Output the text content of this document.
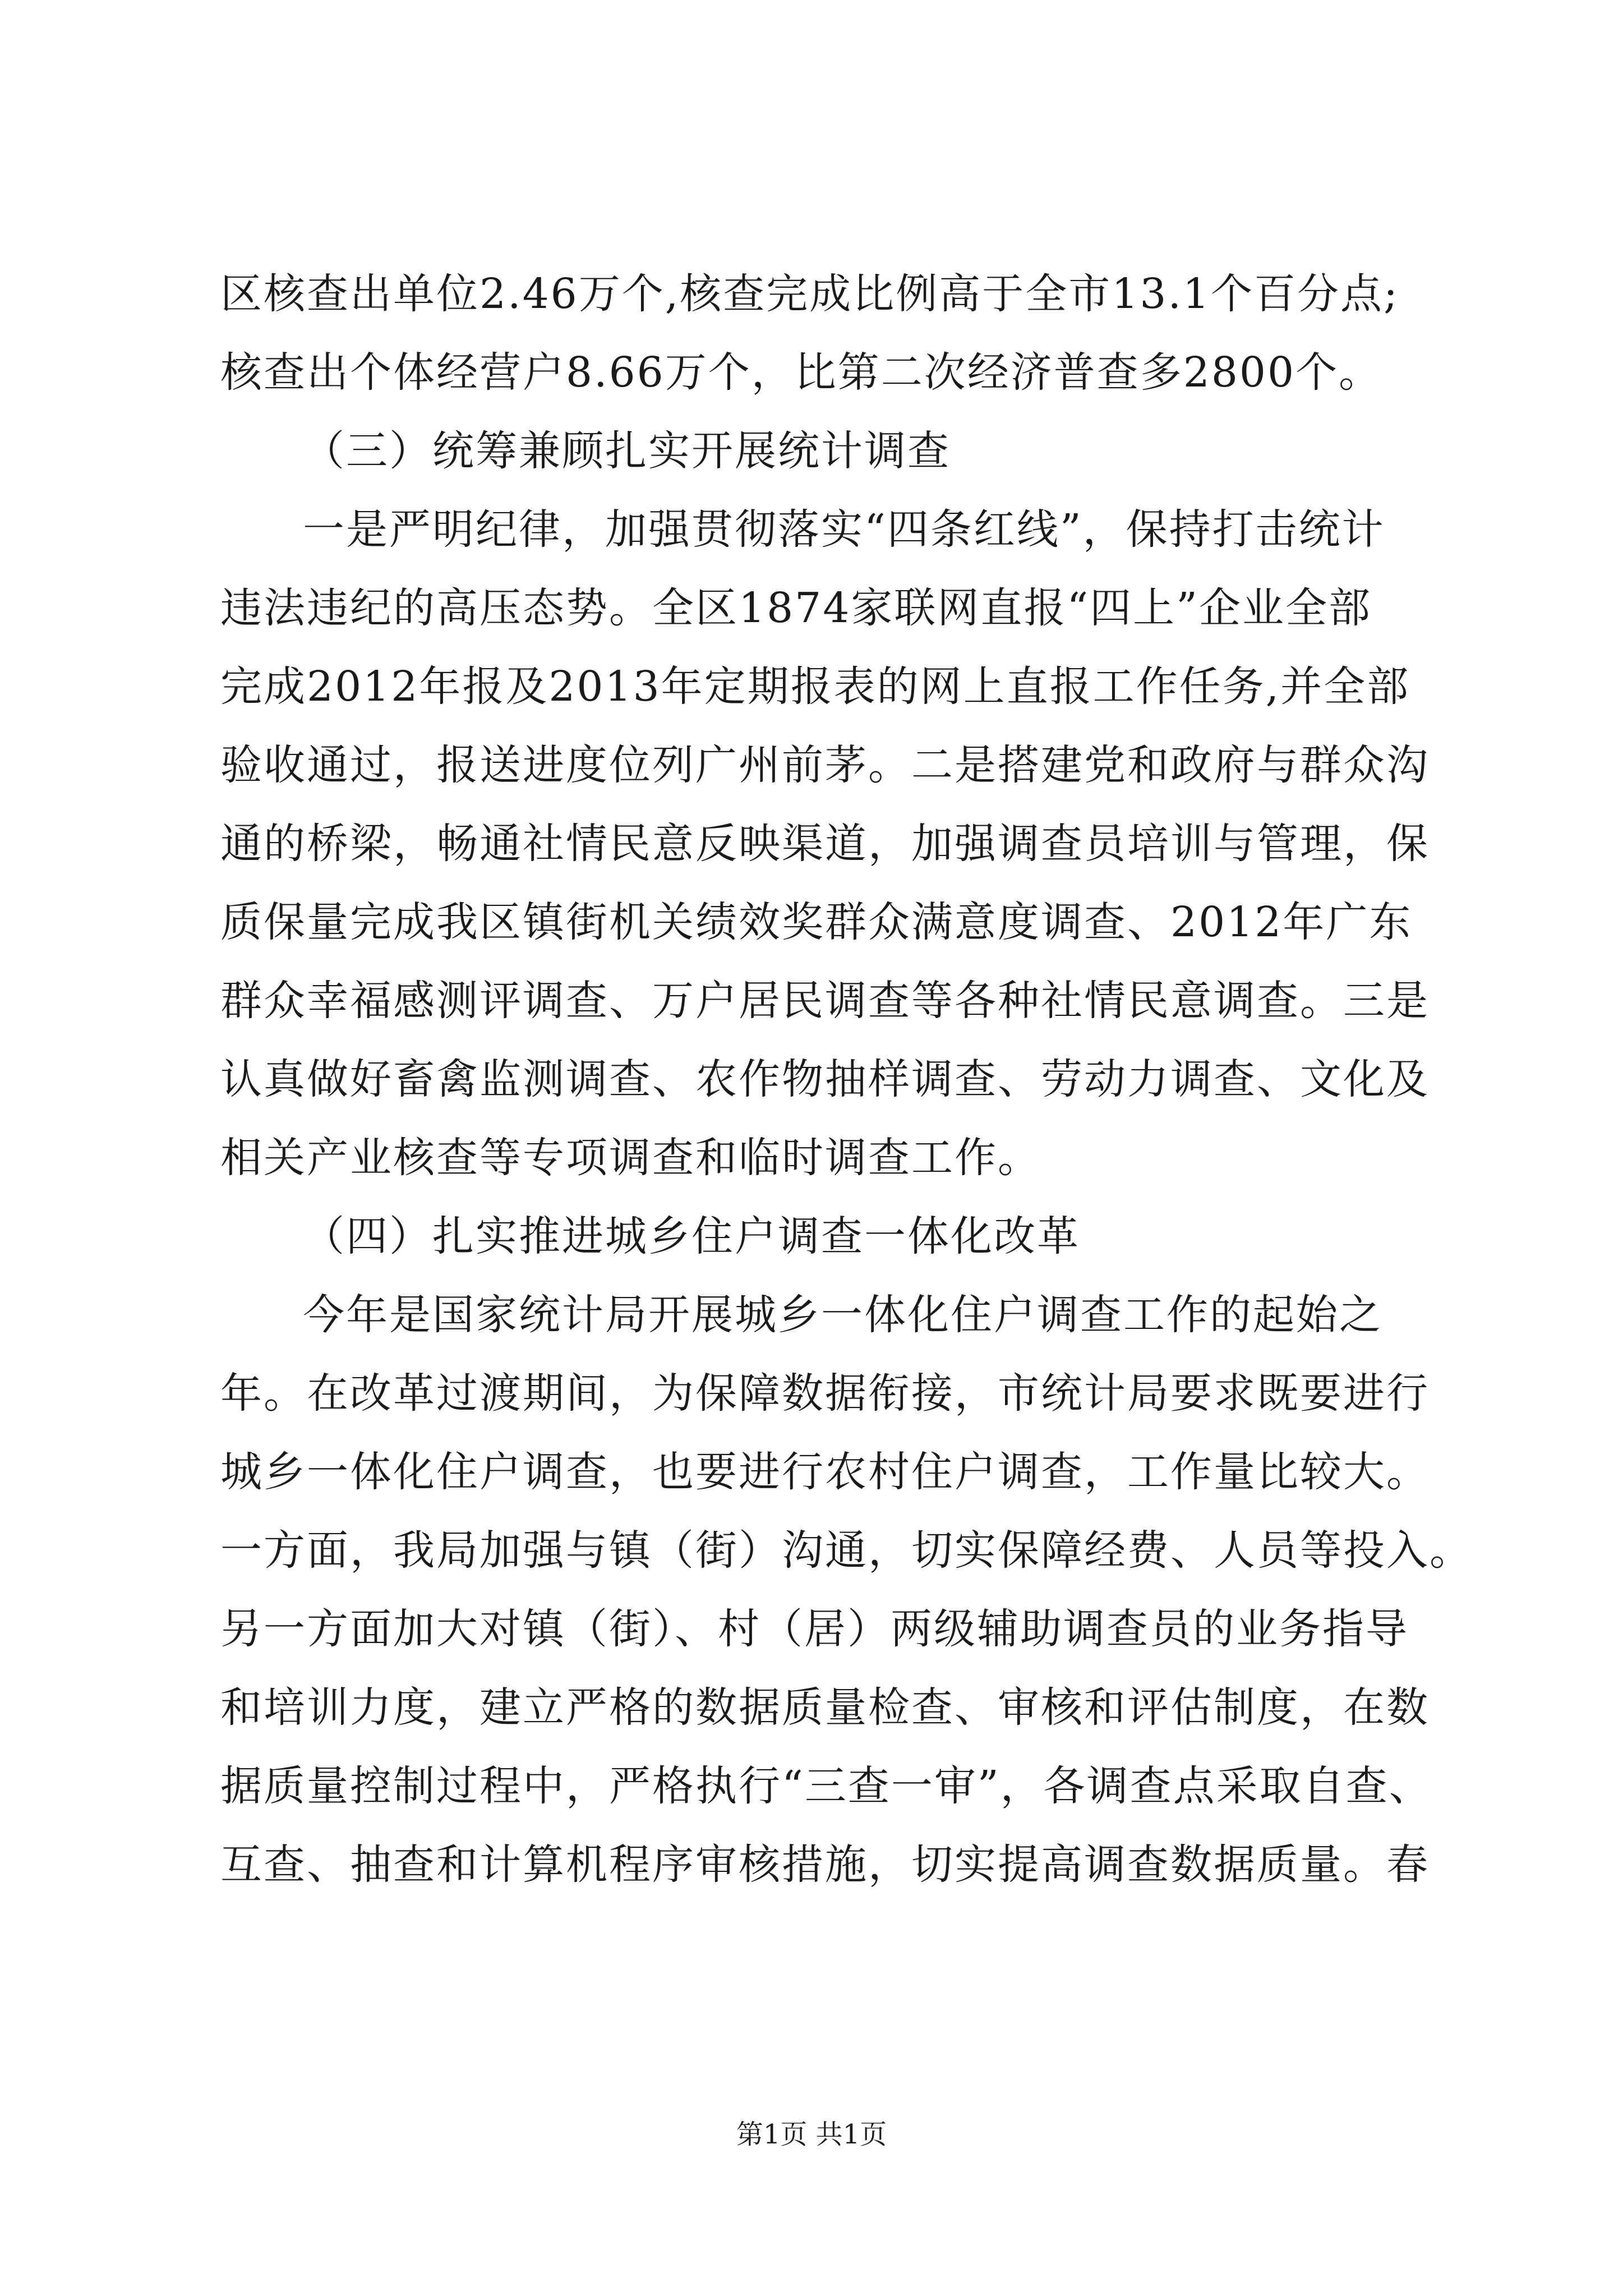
区核查出单位2.46万个,核查完成比例高于全市13.1个百分点;
核查出个体经营户8.66万个，比第二次经济普查多2800个。
（三）统筹兼顾扎实开展统计调查
一是严明纪律，加强贯彻落实“四条红线”，保持打击统计
违法违纪的高压态势。全区1874家联网直报“四上”企业全部
完成2012年报及2013年定期报表的网上直报工作任务,并全部
验收通过，报送进度位列广州前茅。二是搭建党和政府与群众沟
通的桥梁，畅通社情民意反映渠道，加强调查员培训与管理，保
质保量完成我区镇街机关绩效奖群众满意度调查、2012年广东
群众幸福感测评调查、万户居民调查等各种社情民意调查。三是
认真做好畜禽监测调查、农作物抽样调查、劳动力调查、文化及
相关产业核查等专项调查和临时调查工作。
（四）扎实推进城乡住户调查一体化改革
今年是国家统计局开展城乡一体化住户调查工作的起始之
年。在改革过渡期间，为保障数据衔接，市统计局要求既要进行
城乡一体化住户调查，也要进行农村住户调查，工作量比较大。
一方面，我局加强与镇（街）沟通，切实保障经费、人员等投入。
另一方面加大对镇（街）、村（居）两级辅助调查员的业务指导
和培训力度，建立严格的数据质量检查、审核和评估制度，在数
据质量控制过程中，严格执行“三查一审”，各调查点采取自查、
互查、抽查和计算机程序审核措施，切实提高调查数据质量。春
第1页 共1页
